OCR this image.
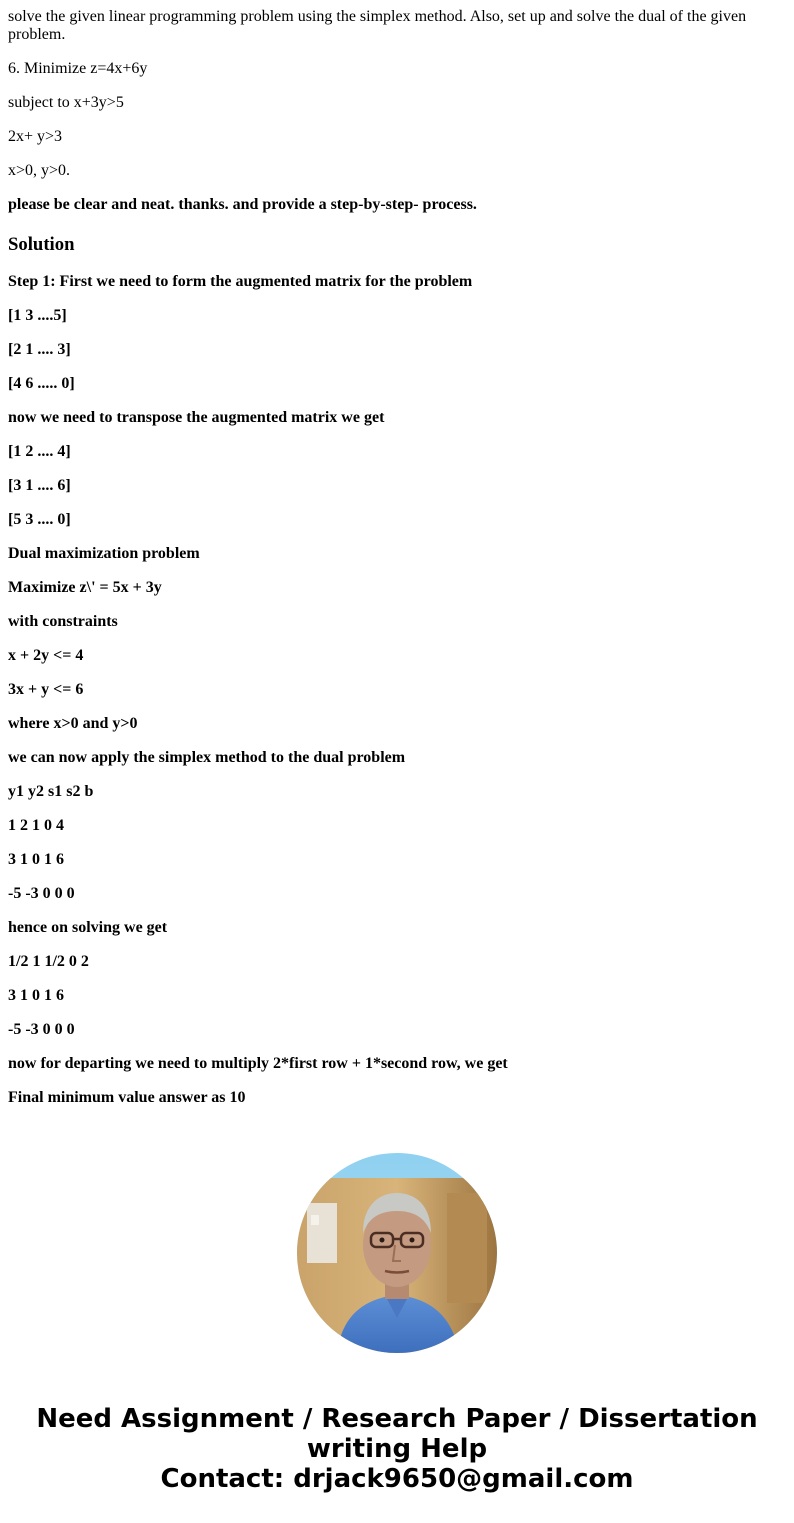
solve the given linear programming problem using the simplex method. Also, set up and solve the dual of the given problem.
6. Minimize z=4x+6y
subject to x+3y>5
2x+ y>3
x>0, y>0.
please be clear and neat. thanks. and provide a step-by-step- process.
Solution
Step 1: First we need to form the augmented matrix for the problem
[1 3 ....5]
[2 1 .... 3]
[4 6 ..... 0]
now we need to transpose the augmented matrix we get
[1 2 .... 4]
[3 1 .... 6]
[5 3 .... 0]
Dual maximization problem
Maximize z\' = 5x + 3y
with constraints
x + 2y <= 4
3x + y <= 6
where x>0 and y>0
we can now apply the simplex method to the dual problem
y1 y2 s1 s2 b
1 2 1 0 4
3 1 0 1 6
-5 -3 0 0 0
hence on solving we get
1/2 1 1/2 0 2
3 1 0 1 6
-5 -3 0 0 0
now for departing we need to multiply 2*first row + 1*second row, we get
Final minimum value answer as 10
Need Assignment / Research Paper / Dissertation
writing Help
Contact: drjack9650@gmail.com
